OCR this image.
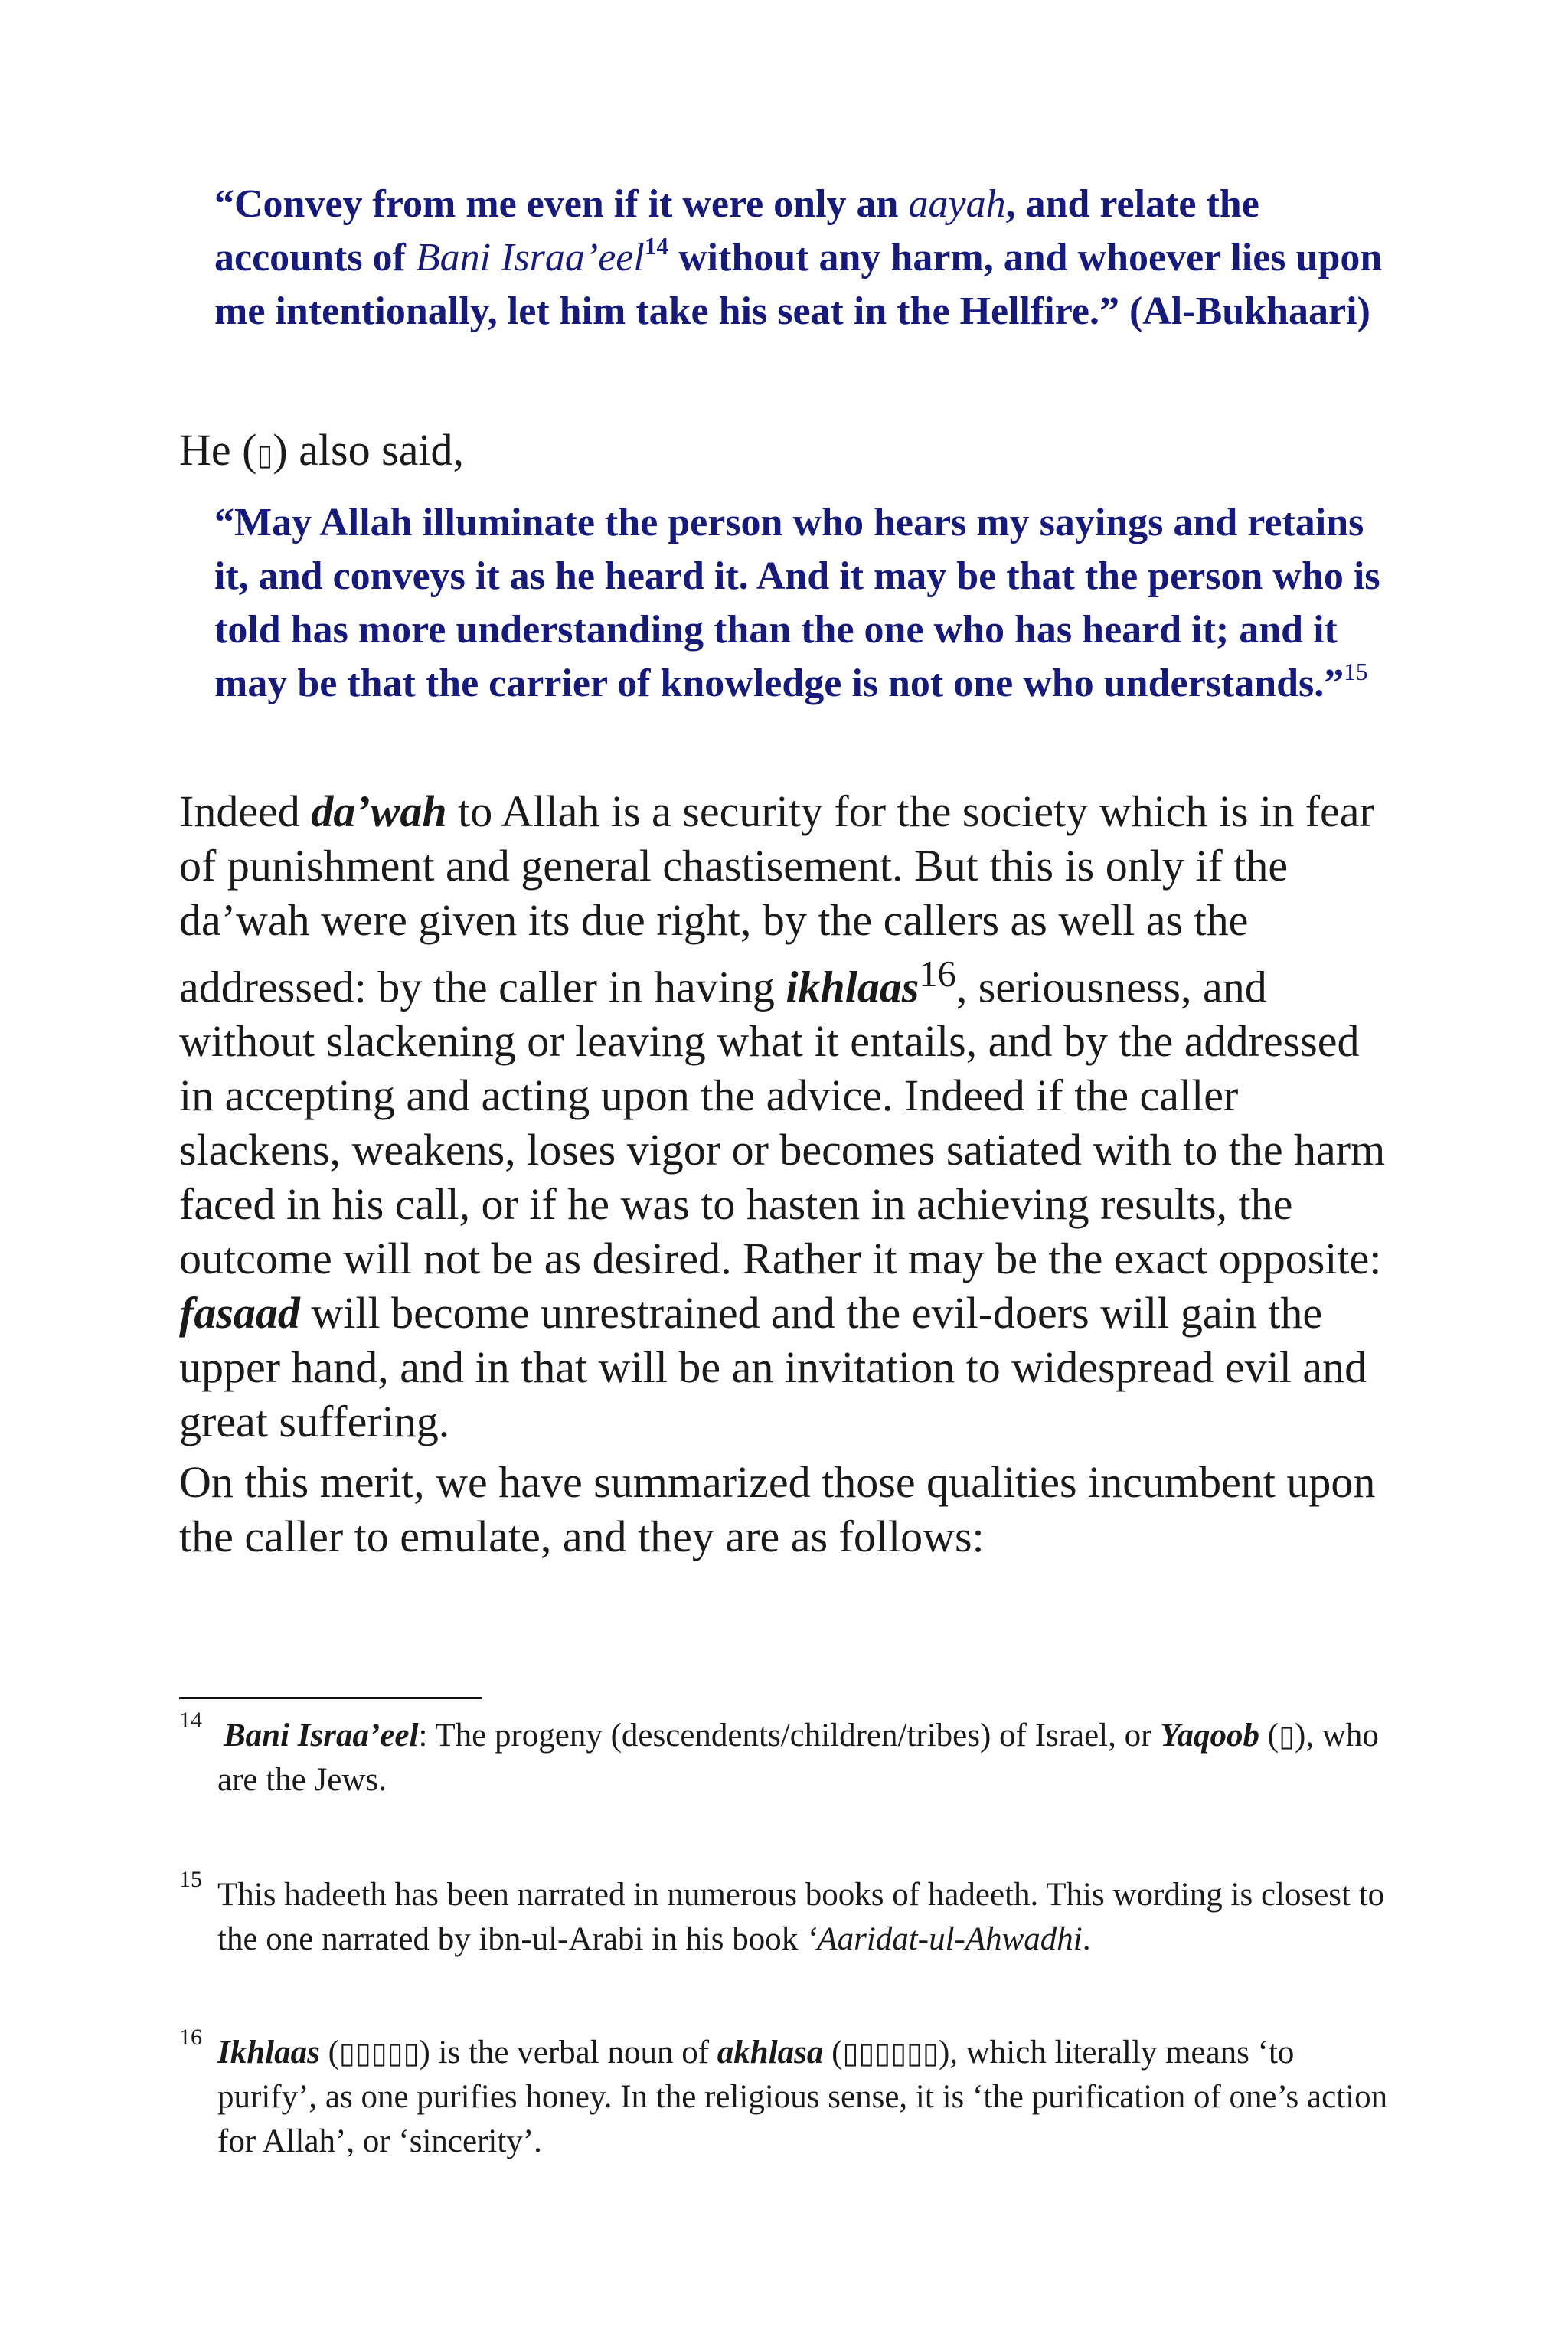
“Convey from me even if it were only an aayah, and relate the accounts of Bani Israa’eel$^{14}$ without any harm, and whoever lies upon me intentionally, let him take his seat in the Hellfire.” (Al-Bukhaari)

He (▯) also said,

“May Allah illuminate the person who hears my sayings and retains it, and conveys it as he heard it. And it may be that the person who is told has more understanding than the one who has heard it; and it may be that the carrier of knowledge is not one who understands.”$^{15}$

Indeed da’wah to Allah is a security for the society which is in fear of punishment and general chastisement. But this is only if the da’wah were given its due right, by the callers as well as the addressed: by the caller in having ikhlaas$^{16}$, seriousness, and without slackening or leaving what it entails, and by the addressed in accepting and acting upon the advice. Indeed if the caller slackens, weakens, loses vigor or becomes satiated with to the harm faced in his call, or if he was to hasten in achieving results, the outcome will not be as desired. Rather it may be the exact opposite: fasaad will become unrestrained and the evil-doers will gain the upper hand, and in that will be an invitation to widespread evil and great suffering.

On this merit, we have summarized those qualities incumbent upon the caller to emulate, and they are as follows:

14 Bani Israa’eel: The progeny (descendents/children/tribes) of Israel, or Yaqoob (▯), who are the Jews.

15 This hadeeth has been narrated in numerous books of hadeeth. This wording is closest to the one narrated by ibn-ul-Arabi in his book ‘Aaridat-ul-Ahwadhi.

16 Ikhlaas (▯▯▯▯▯) is the verbal noun of akhlasa (▯▯▯▯▯▯), which literally means ‘to purify’, as one purifies honey. In the religious sense, it is ‘the purification of one’s action for Allah’, or ‘sincerity’.
